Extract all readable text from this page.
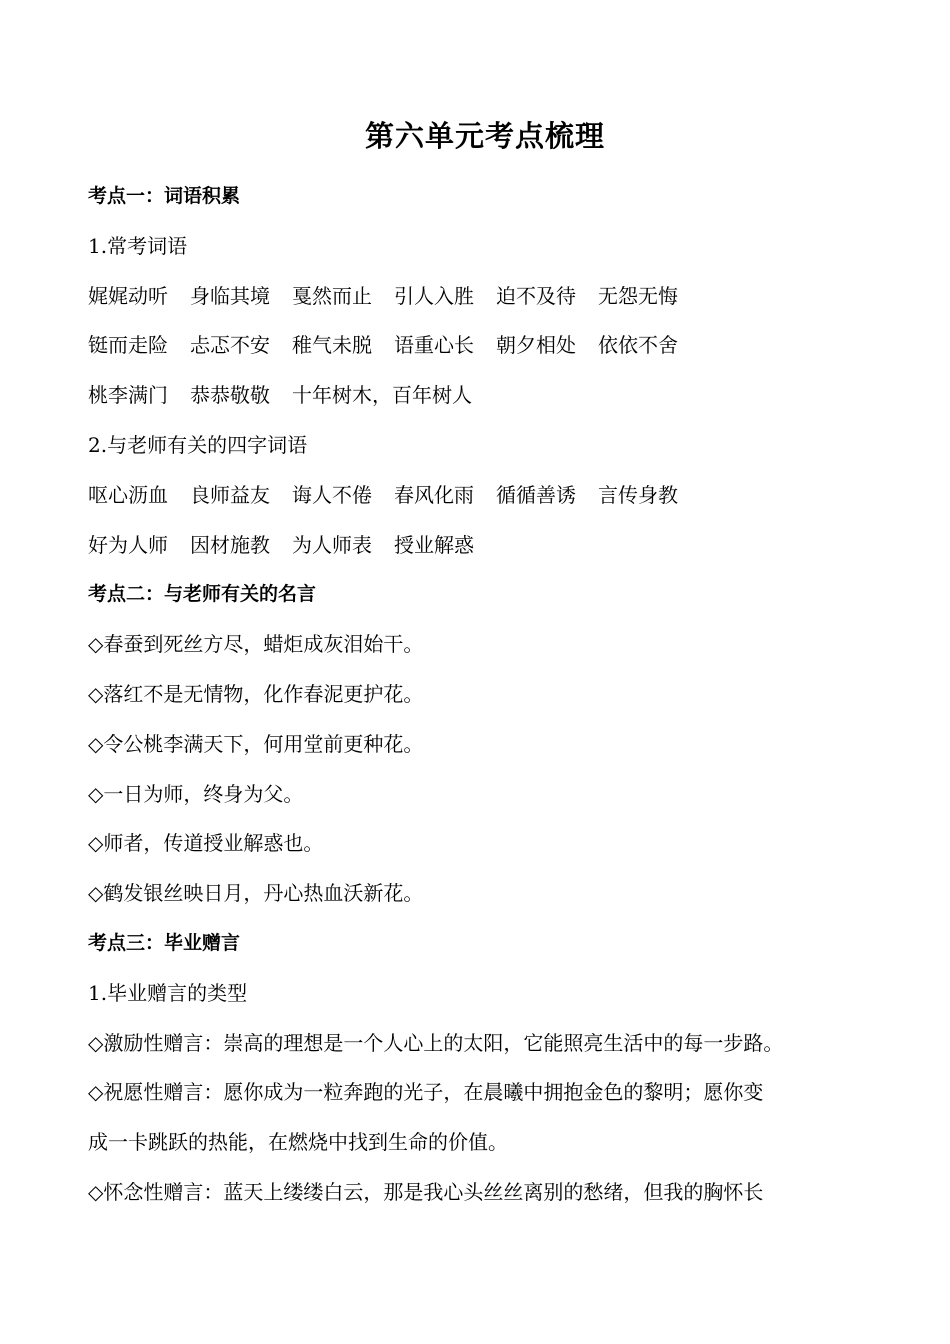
第六单元考点梳理
考点一：词语积累
1.常考词语
娓娓动听 身临其境 戛然而止 引人入胜 迫不及待 无怨无悔
铤而走险 忐忑不安 稚气未脱 语重心长 朝夕相处 依依不舍
桃李满门 恭恭敬敬 十年树木，百年树人
2.与老师有关的四字词语
呕心沥血 良师益友 诲人不倦 春风化雨 循循善诱 言传身教
好为人师 因材施教 为人师表 授业解惑
考点二：与老师有关的名言
◇春蚕到死丝方尽，蜡炬成灰泪始干。
◇落红不是无情物，化作春泥更护花。
◇令公桃李满天下，何用堂前更种花。
◇一日为师，终身为父。
◇师者，传道授业解惑也。
◇鹤发银丝映日月，丹心热血沃新花。
考点三：毕业赠言
1.毕业赠言的类型
◇激励性赠言：崇高的理想是一个人心上的太阳，它能照亮生活中的每一步路。
◇祝愿性赠言：愿你成为一粒奔跑的光子，在晨曦中拥抱金色的黎明；愿你变
成一卡跳跃的热能，在燃烧中找到生命的价值。
◇怀念性赠言：蓝天上缕缕白云，那是我心头丝丝离别的愁绪，但我的胸怀长
